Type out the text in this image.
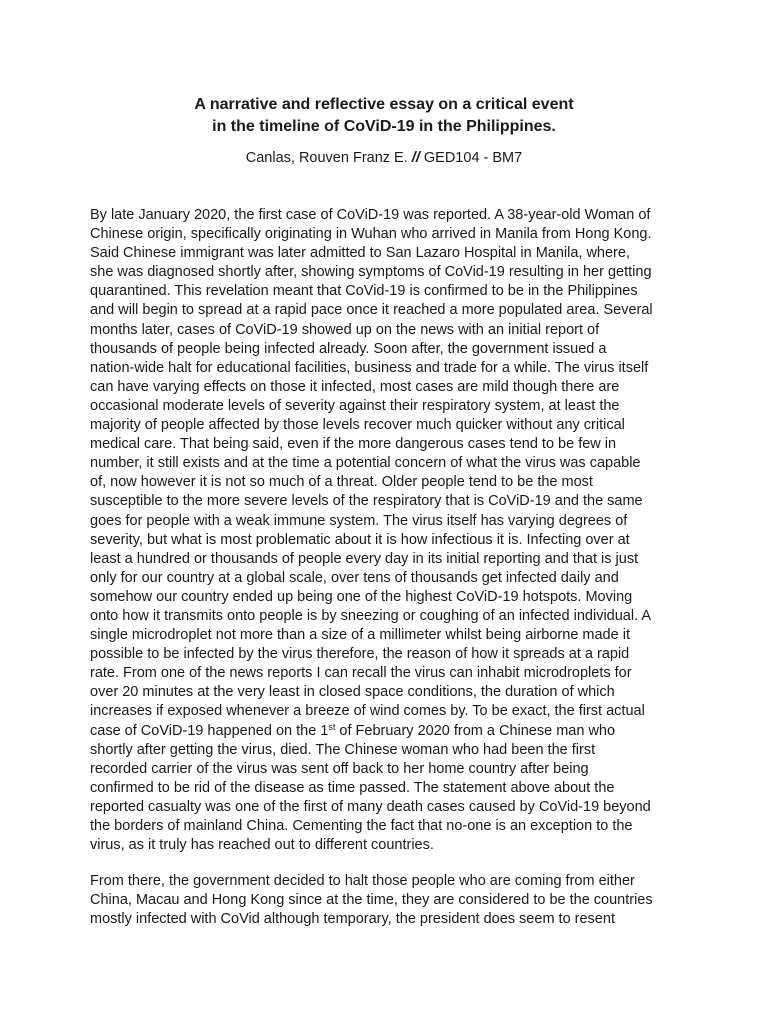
A narrative and reflective essay on a critical event
in the timeline of CoViD-19 in the Philippines.
Canlas, Rouven Franz E. // GED104 - BM7

By late January 2020, the first case of CoViD-19 was reported. A 38-year-old Woman of
Chinese origin, specifically originating in Wuhan who arrived in Manila from Hong Kong.
Said Chinese immigrant was later admitted to San Lazaro Hospital in Manila, where,
she was diagnosed shortly after, showing symptoms of CoVid-19 resulting in her getting
quarantined. This revelation meant that CoVid-19 is confirmed to be in the Philippines
and will begin to spread at a rapid pace once it reached a more populated area. Several
months later, cases of CoViD-19 showed up on the news with an initial report of
thousands of people being infected already. Soon after, the government issued a
nation-wide halt for educational facilities, business and trade for a while. The virus itself
can have varying effects on those it infected, most cases are mild though there are
occasional moderate levels of severity against their respiratory system, at least the
majority of people affected by those levels recover much quicker without any critical
medical care. That being said, even if the more dangerous cases tend to be few in
number, it still exists and at the time a potential concern of what the virus was capable
of, now however it is not so much of a threat. Older people tend to be the most
susceptible to the more severe levels of the respiratory that is CoViD-19 and the same
goes for people with a weak immune system. The virus itself has varying degrees of
severity, but what is most problematic about it is how infectious it is. Infecting over at
least a hundred or thousands of people every day in its initial reporting and that is just
only for our country at a global scale, over tens of thousands get infected daily and
somehow our country ended up being one of the highest CoViD-19 hotspots. Moving
onto how it transmits onto people is by sneezing or coughing of an infected individual. A
single microdroplet not more than a size of a millimeter whilst being airborne made it
possible to be infected by the virus therefore, the reason of how it spreads at a rapid
rate. From one of the news reports I can recall the virus can inhabit microdroplets for
over 20 minutes at the very least in closed space conditions, the duration of which
increases if exposed whenever a breeze of wind comes by. To be exact, the first actual
case of CoViD-19 happened on the 1st of February 2020 from a Chinese man who
shortly after getting the virus, died. The Chinese woman who had been the first
recorded carrier of the virus was sent off back to her home country after being
confirmed to be rid of the disease as time passed. The statement above about the
reported casualty was one of the first of many death cases caused by CoVid-19 beyond
the borders of mainland China. Cementing the fact that no-one is an exception to the
virus, as it truly has reached out to different countries.

From there, the government decided to halt those people who are coming from either
China, Macau and Hong Kong since at the time, they are considered to be the countries
mostly infected with CoVid although temporary, the president does seem to resent
